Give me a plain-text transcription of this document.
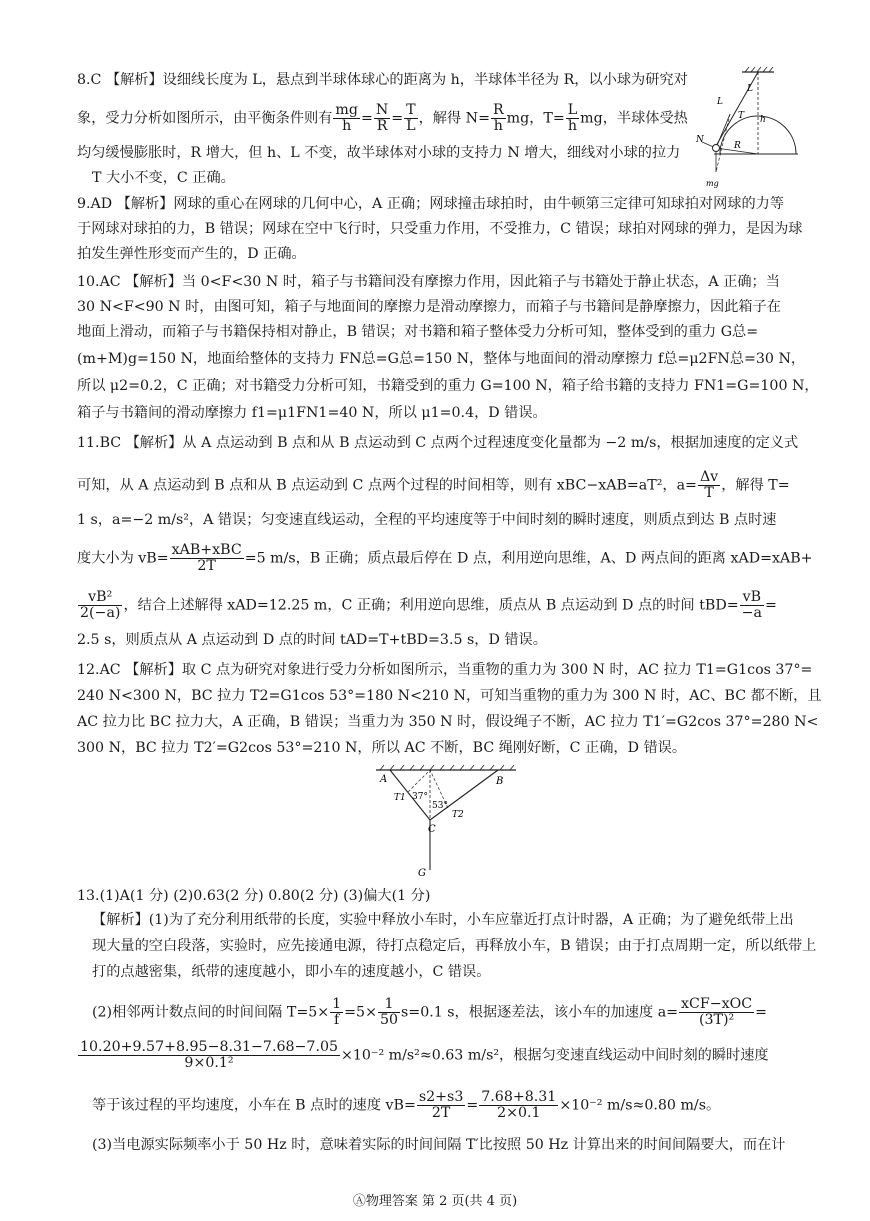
8.C 【解析】设细线长度为 L，悬点到半球体球心的距离为 h，半球体半径为 R，以小球为研究对
象，受力分析如图所示，由平衡条件则有 $\frac{mg}{h} = \frac{N}{R} = \frac{T}{L}$ ，解得 $N= \frac{R}{h}$ mg，$T= \frac{L}{h}$ mg，半球体受热
均匀缓慢膨胀时，R 增大，但 h、L 不变，故半球体对小球的支持力 N 增大，细线对小球的拉力
T 大小不变，C 正确。
L
L
T h
N
R
mg
9.AD 【解析】网球的重心在网球的几何中心，A 正确；网球撞击球拍时，由牛顿第三定律可知球拍对网球的力等
于网球对球拍的力，B 错误；网球在空中飞行时，只受重力作用，不受推力，C 错误；球拍对网球的弹力，是因为球
拍发生弹性形变而产生的，D 正确。
10.AC 【解析】当 0<F<30 N 时，箱子与书籍间没有摩擦力作用，因此箱子与书籍处于静止状态，A 正确；当
30 N<F<90 N 时，由图可知，箱子与地面间的摩擦力是滑动摩擦力，而箱子与书籍间是静摩擦力，因此箱子在
地面上滑动，而箱子与书籍保持相对静止，B 错误；对书籍和箱子整体受力分析可知，整体受到的重力 G总=
(m+M)g=150 N，地面给整体的支持力 FN总=G总=150 N，整体与地面间的滑动摩擦力 f总=μ2FN总=30 N，
所以 μ2=0.2，C 正确；对书籍受力分析可知，书籍受到的重力 G=100 N，箱子给书籍的支持力 FN1=G=100 N，
箱子与书籍间的滑动摩擦力 f1=μ1FN1=40 N，所以 μ1=0.4，D 错误。
11.BC 【解析】从 A 点运动到 B 点和从 B 点运动到 C 点两个过程速度变化量都为 −2 m/s，根据加速度的定义式
可知，从 A 点运动到 B 点和从 B 点运动到 C 点两个过程的时间相等，则有 xBC−xAB=aT²，$a= \frac{\Delta v}{T}$ ，解得 T=
1 s，a=−2 m/s²，A 错误；匀变速直线运动，全程的平均速度等于中间时刻的瞬时速度，则质点到达 B 点时速
度大小为 $vB= \frac{\text{xAB+xBC}}{2T} =5$ m/s，B 正确；质点最后停在 D 点，利用逆向思维，A、D 两点间的距离 xAD=xAB+
$\frac{\text{vB²}}{2(-a)}$ ，结合上述解得 xAD=12.25 m，C 正确；利用逆向思维，质点从 B 点运动到 D 点的时间 $tBD= \frac{vB}{-a}$ =
2.5 s，则质点从 A 点运动到 D 点的时间 tAD=T+tBD=3.5 s，D 错误。
12.AC 【解析】取 C 点为研究对象进行受力分析如图所示，当重物的重力为 300 N 时，AC 拉力 T1=G1cos 37°=
240 N<300 N，BC 拉力 T2=G1cos 53°=180 N<210 N，可知当重物的重力为 300 N 时，AC、BC 都不断，且
AC 拉力比 BC 拉力大，A 正确，B 错误；当重力为 350 N 时，假设绳子不断，AC 拉力 T1′=G2cos 37°=280 N<
300 N，BC 拉力 T2′=G2cos 53°=210 N，所以 AC 不断，BC 绳刚好断，C 正确，D 错误。
A	B
C
G
T1
T2
37°
53°
13.(1)A(1 分) (2)0.63(2 分) 0.80(2 分) (3)偏大(1 分)
【解析】(1)为了充分利用纸带的长度，实验中释放小车时，小车应靠近打点计时器，A 正确；为了避免纸带上出
现大量的空白段落，实验时，应先接通电源，待打点稳定后，再释放小车，B 错误；由于打点周期一定，所以纸带上
打的点越密集，纸带的速度越小，即小车的速度越小，C 错误。
(2)相邻两计数点间的时间间隔 $T=5\times \frac{1}{f} =5\times \frac{1}{50} s=0.1$ s，根据逐差法，该小车的加速度 $a= \frac{\text{xCF−xOC}}{\text{(3T)²}}$ =
$\frac{10.20+9.57+8.95-8.31-7.68-7.05}{\text{9×0.1²}} \times 10^{-2}$ m/s²≈0.63 m/s²，根据匀变速直线运动中间时刻的瞬时速度
等于该过程的平均速度，小车在 B 点时的速度 $vB= \frac{s2+s3}{2T} = \frac{7.68+8.31}{2\times 0.1} \times 10^{-2}$ m/s≈0.80 m/s。
(3)当电源实际频率小于 50 Hz 时，意味着实际的时间间隔 T′比按照 50 Hz 计算出来的时间间隔要大，而在计
Ⓐ物理答案 第 2 页(共 4 页)
